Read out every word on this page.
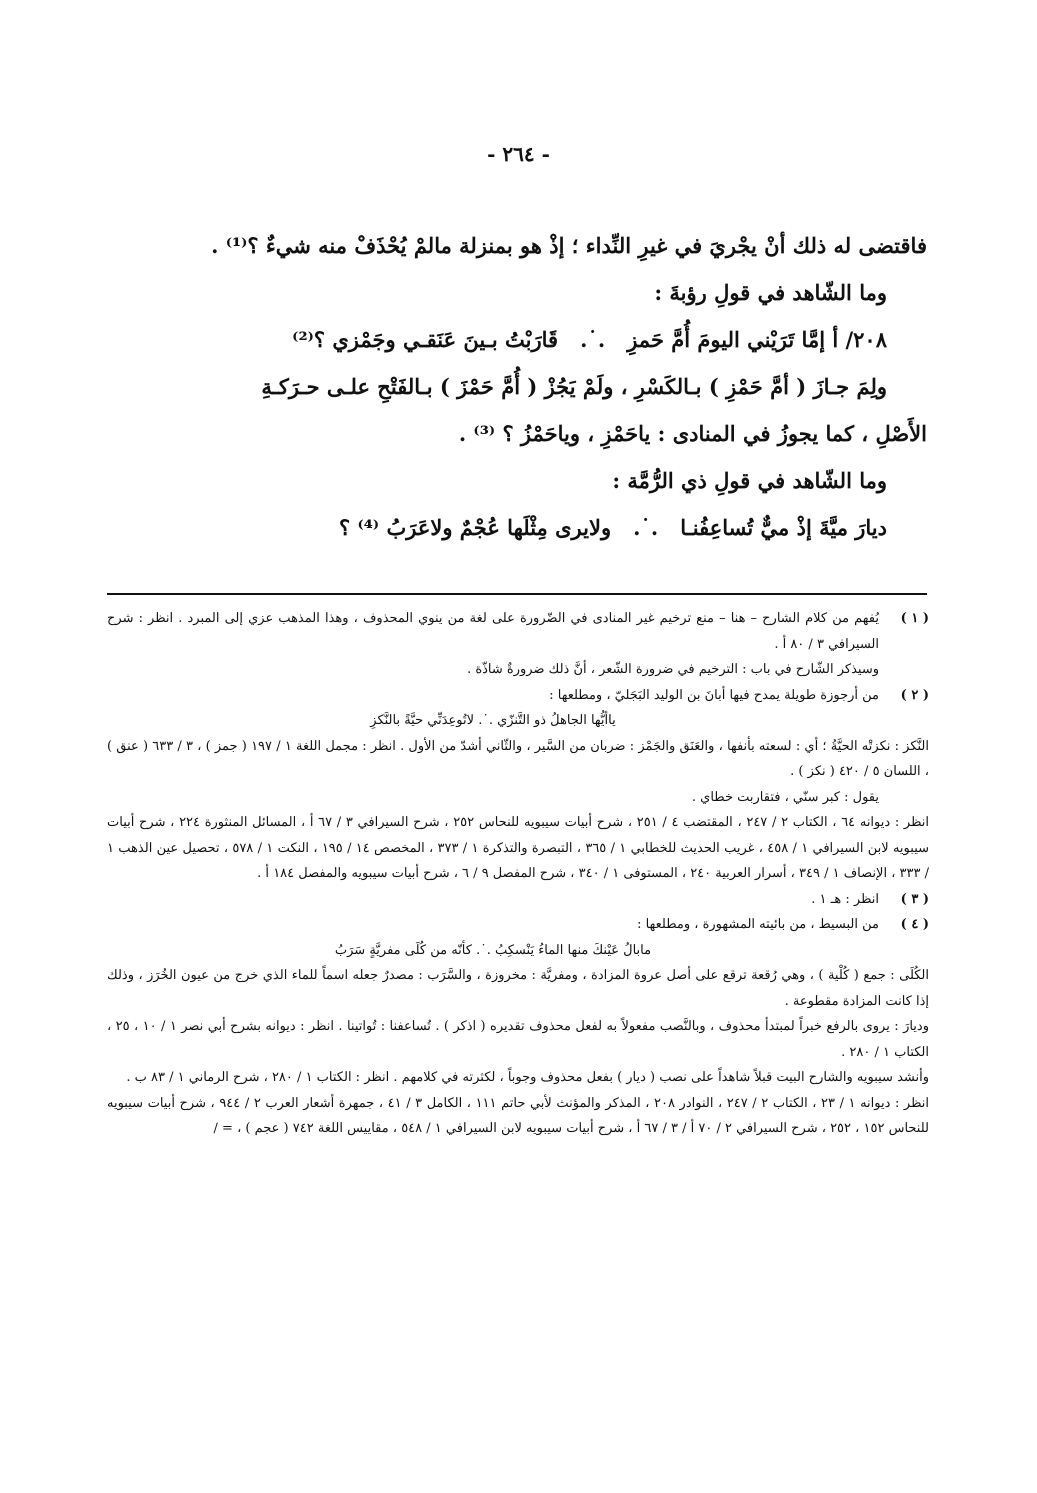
- ٢٦٤ -

فاقتضى له ذلك أنْ يجْريَ في غيرِ النِّداء ؛ إذْ هو بمنزلة مالمْ يُحْذَفْ منه شيءٌ ؟⁽¹⁾ .

وما الشّاهد في قولِ رؤبةَ :

٢٠٨/ أ إمَّا تَرَيْني اليومَ أُمَّ حَمزِ
.˙.
قَارَبْتُ بـينَ عَنَقـي وجَمْزي ؟⁽²⁾

ولِمَ جـازَ ( أمَّ حَمْزِ ) بـالكَسْرِ ، ولَمْ يَجُزْ ( أُمَّ حَمْزَ ) بـالفَتْحِ علـى حـرَكـةِ

الأَصْلِ ، كما يجوزُ في المنادى : ياحَمْزِ ، وياحَمْزُ ؟ ⁽³⁾ .

وما الشّاهد في قولِ ذي الرُّمَّة :

ديارَ ميَّةَ إذْ ميٌّ تُساعِفُنـا
.˙.
ولايرى مِثْلَها عُجْمٌ ولاعَرَبُ ⁽⁴⁾ ؟

( ١ )

يُفهم من كلام الشارح – هنا – منع ترخيم غير المنادى في الضّرورة على لغة من ينوي المحذوف ، وهذا المذهب عزي إلى المبرد . انظر : شرح السيرافي ٣ / ٨٠ أ .

وسيذكر الشّارح في باب : الترخيم في ضرورة الشّعر ، أنَّ ذلك ضرورةٌ شاذّة .

( ٢ )

من أرجوزة طويلة يمدح فيها أبانَ بن الوليد البَجَليّ ، ومطلعها :

ياأيُّها الجاهلُ ذو التَّنزّي .˙. لاتُوعِدَنِّي حيَّةً بالنَّكزِ

النَّكز : نكزتْه الحيَّةُ ؛ أي : لسعته بأنفها ، والعَنَق والجَمْز : ضربان من السَّير ، والثّاني أشدّ من الأول . انظر : مجمل اللغة ١ / ١٩٧ ( جمز ) ، ٣ / ٦٣٣ ( عنق ) ، اللسان ٥ / ٤٢٠ ( نكز ) .

يقول : كبر سنّي ، فتقاربت خطاي .

انظر : ديوانه ٦٤ ، الكتاب ٢ / ٢٤٧ ، المقتضب ٤ / ٢٥١ ، شرح أبيات سيبويه للنحاس ٢٥٢ ، شرح السيرافي ٣ / ٦٧ أ ، المسائل المنثورة ٢٢٤ ، شرح أبيات سيبويه لابن السيرافي ١ / ٤٥٨ ، غريب الحديث للخطابي ١ / ٣٦٥ ، التبصرة والتذكرة ١ / ٣٧٣ ، المخصص ١٤ / ١٩٥ ، النكت ١ / ٥٧٨ ، تحصيل عين الذهب ١ / ٣٣٣ ، الإنصاف ١ / ٣٤٩ ، أسرار العربية ٢٤٠ ، المستوفى ١ / ٣٤٠ ، شرح المفصل ٩ / ٦ ، شرح أبيات سيبويه والمفصل ١٨٤ أ .

( ٣ )

انظر : هـ ١ .

( ٤ )

من البسيط ، من بائيته المشهورة ، ومطلعها :

مابالُ عَيْنكَ منها الماءُ يَنْسكِبُ .˙. كأنّه من كُلَى مفريَّةٍ سَرَبُ

الكُلَى : جمع ( كُلْية ) ، وهي رُقعة ترقع على أصل عروة المزادة ، ومفريَّة : مخروزة ، والسَّرَب : مصدرٌ جعله اسماً للماء الذي خرج من عيون الخُرَز ، وذلك إذا كانت المزادة مقطوعة .

وديارَ : يروى بالرفع خبراً لمبتدأ محذوف ، وبالنَّصب مفعولاً به لفعل محذوف تقديره ( اذكر ) . تُساعفنا : تُواتينا . انظر : ديوانه بشرح أبي نصر ١ / ١٠ ، ٢٥ ، الكتاب ١ / ٢٨٠ .

وأنشد سيبويه والشارح البيت قبلاً شاهداً على نصب ( ديار ) بفعل محذوف وجوباً ، لكثرته في كلامهم . انظر : الكتاب ١ / ٢٨٠ ، شرح الرماني ١ / ٨٣ ب .

انظر : ديوانه ١ / ٢٣ ، الكتاب ٢ / ٢٤٧ ، النوادر ٢٠٨ ، المذكر والمؤنث لأبي حاتم ١١١ ، الكامل ٣ / ٤١ ، جمهرة أشعار العرب ٢ / ٩٤٤ ، شرح أبيات سيبويه للنحاس ١٥٢ ، ٢٥٢ ، شرح السيرافي ٢ / ٧٠ أ / ٣ / ٦٧ أ ، شرح أبيات سيبويه لابن السيرافي ١ / ٥٤٨ ، مقاييس اللغة ٧٤٢ ( عجم ) ، = /
